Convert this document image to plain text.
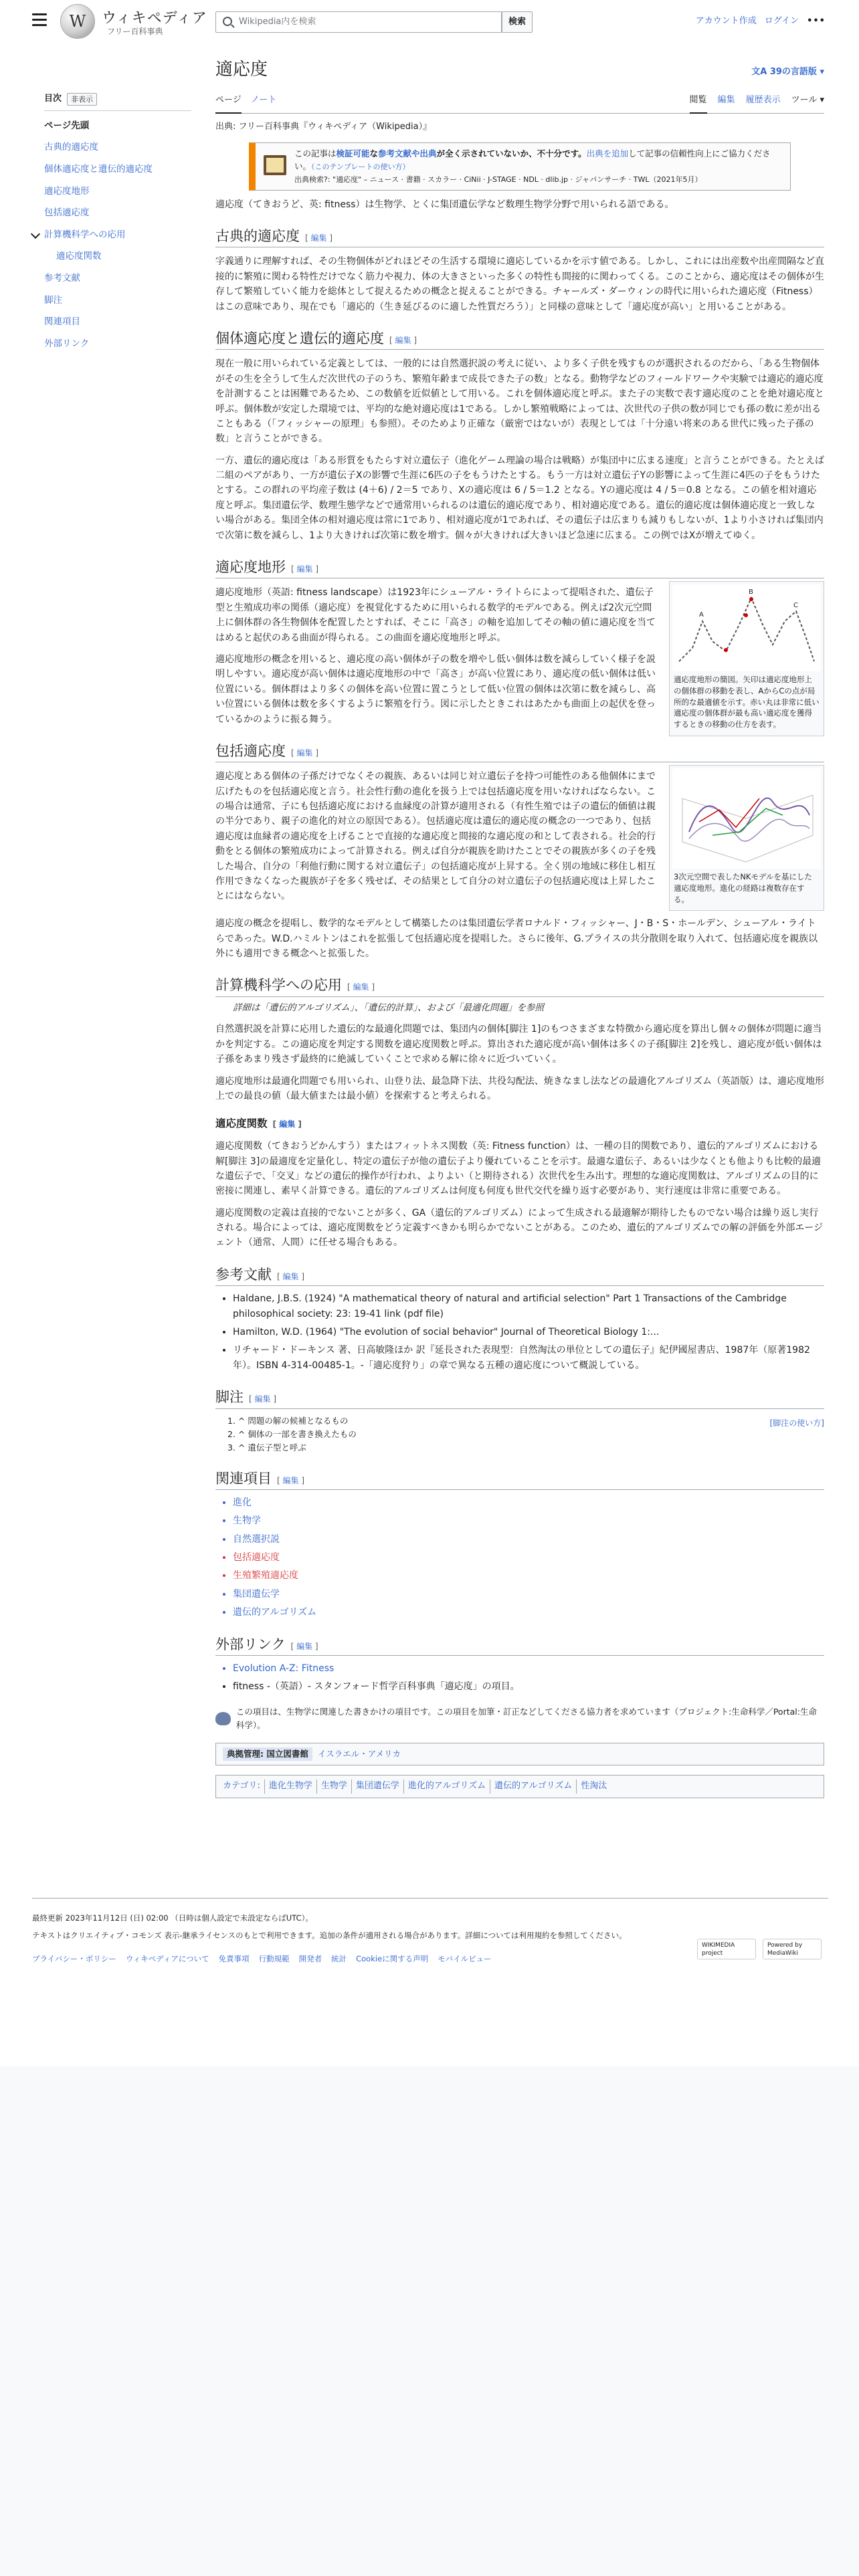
W	ウィキペディア
フリー百科事典
Wikipedia内を検索	検索	アカウント作成 ログイン •••
目次	非表示
ページ先頭
古典的適応度
個体適応度と遺伝的適応度
適応度地形
包括適応度
計算機科学への応用
適応度関数
参考文献
脚注
関連項目
外部リンク
適応度	文A 39の言語版 ▾
ページ ノート	閲覧 編集 履歴表示 ツール ▾
出典: フリー百科事典『ウィキペディア（Wikipedia）』
この記事は検証可能な参考文献や出典が全く示されていないか、不十分です。出典を追加して記事の信頼性向上にご協力ください。（このテンプレートの使い方）
出典検索?: "適応度" – ニュース · 書籍 · スカラー · CiNii · J-STAGE · NDL · dlib.jp · ジャパンサーチ · TWL（2021年5月）

適応度（てきおうど、英: fitness）は生物学、とくに集団遺伝学など数理生物学分野で用いられる語である。

古典的適応度 [ 編集 ]

字義通りに理解すれば、その生物個体がどれほどその生活する環境に適応しているかを示す値である。しかし、これには出産数や出産間隔など直接的に繁殖に関わる特性だけでなく筋力や視力、体の大きさといった多くの特性も間接的に関わってくる。このことから、適応度はその個体が生存して繁殖していく能力を総体として捉えるための概念と捉えることができる。チャールズ・ダーウィンの時代に用いられた適応度（Fitness）はこの意味であり、現在でも「適応的（生き延びるのに適した性質だろう）」と同様の意味として「適応度が高い」と用いることがある。

個体適応度と遺伝的適応度 [ 編集 ]

現在一般に用いられている定義としては、一般的には自然選択説の考えに従い、より多く子供を残すものが選択されるのだから、「ある生物個体がその生を全うして生んだ次世代の子のうち、繁殖年齢まで成長できた子の数」となる。動物学などのフィールドワークや実験では適応的適応度を計測することは困難であるため、この数値を近似値として用いる。これを個体適応度と呼ぶ。また子の実数で表す適応度のことを絶対適応度と呼ぶ。個体数が安定した環境では、平均的な絶対適応度は1である。しかし繁殖戦略によっては、次世代の子供の数が同じでも孫の数に差が出ることもある（「フィッシャーの原理」も参照）。そのためより正確な（厳密ではないが）表現としては「十分遠い将来のある世代に残った子孫の数」と言うことができる。

一方、遺伝的適応度は「ある形質をもたらす対立遺伝子（進化ゲーム理論の場合は戦略）が集団中に広まる速度」と言うことができる。たとえば二組のペアがあり、一方が遺伝子Xの影響で生涯に6匹の子をもうけたとする。もう一方は対立遺伝子Yの影響によって生涯に4匹の子をもうけたとする。この群れの平均産子数は (4＋6) / 2＝5 であり、Xの適応度は 6 / 5＝1.2 となる。Yの適応度は 4 / 5＝0.8 となる。この値を相対適応度と呼ぶ。集団遺伝学、数理生態学などで通常用いられるのは遺伝的適応度であり、相対適応度である。遺伝的適応度は個体適応度と一致しない場合がある。集団全体の相対適応度は常に1であり、相対適応度が1であれば、その遺伝子は広まりも減りもしないが、1より小さければ集団内で次第に数を減らし、1より大きければ次第に数を増す。個々が大きければ大きいほど急速に広まる。この例ではXが増えてゆく。

適応度地形 [ 編集 ]
A
B
C
適応度地形の簡図。矢印は適応度地形上の個体群の移動を表し、AからCの点が局所的な最適値を示す。赤い丸は非常に低い適応度の個体群が最も高い適応度を獲得するときの移動の仕方を表す。

適応度地形（英語: fitness landscape）は1923年にシューアル・ライトらによって提唱された、遺伝子型と生殖成功率の関係（適応度）を視覚化するために用いられる数学的モデルである。例えば2次元空間上に個体群の各生物個体を配置したとすれば、そこに「高さ」の軸を追加してその軸の値に適応度を当てはめると起伏のある曲面が得られる。この曲面を適応度地形と呼ぶ。

適応度地形の概念を用いると、適応度の高い個体が子の数を増やし低い個体は数を減らしていく様子を説明しやすい。適応度が高い個体は適応度地形の中で「高さ」が高い位置にあり、適応度の低い個体は低い位置にいる。個体群はより多くの個体を高い位置に置こうとして低い位置の個体は次第に数を減らし、高い位置にいる個体は数を多くするように繁殖を行う。図に示したときこれはあたかも曲面上の起伏を登っているかのように振る舞う。

包括適応度 [ 編集 ]
3次元空間で表したNKモデルを基にした適応度地形。進化の経路は複数存在する。

適応度とある個体の子孫だけでなくその親族、あるいは同じ対立遺伝子を持つ可能性のある他個体にまで広げたものを包括適応度と言う。社会性行動の進化を扱う上では包括適応度を用いなければならない。この場合は通常、子にも包括適応度における血縁度の計算が適用される（有性生殖では子の遺伝的価値は親の半分であり、親子の進化的対立の原因である）。包括適応度は遺伝的適応度の概念の一つであり、包括適応度は血縁者の適応度を上げることで直接的な適応度と間接的な適応度の和として表される。社会的行動をとる個体の繁殖成功によって計算される。例えば自分が親族を助けたことでその親族が多くの子を残した場合、自分の「利他行動に関する対立遺伝子」の包括適応度が上昇する。全く別の地域に移住し相互作用できなくなった親族が子を多く残せば、その結果として自分の対立遺伝子の包括適応度は上昇したことにはならない。

適応度の概念を提唱し、数学的なモデルとして構築したのは集団遺伝学者ロナルド・フィッシャー、J・B・S・ホールデン、シューアル・ライトらであった。W.D.ハミルトンはこれを拡張して包括適応度を提唱した。さらに後年、G.プライスの共分散則を取り入れて、包括適応度を親族以外にも適用できる概念へと拡張した。

計算機科学への応用 [ 編集 ]
詳細は「遺伝的アルゴリズム」、「遺伝的計算」、および「最適化問題」を参照

自然選択説を計算に応用した遺伝的な最適化問題では、集団内の個体[脚注 1]のもつさまざまな特徴から適応度を算出し個々の個体が問題に適当かを判定する。この適応度を判定する関数を適応度関数と呼ぶ。算出された適応度が高い個体は多くの子孫[脚注 2]を残し、適応度が低い個体は子孫をあまり残さず最終的に絶滅していくことで求める解に徐々に近づいていく。

適応度地形は最適化問題でも用いられ、山登り法、最急降下法、共役勾配法、焼きなまし法などの最適化アルゴリズム（英語版）は、適応度地形上での最良の値（最大値または最小値）を探索すると考えられる。

適応度関数 [ 編集 ]

適応度関数（てきおうどかんすう）またはフィットネス関数（英: Fitness function）は、一種の目的関数であり、遺伝的アルゴリズムにおける解[脚注 3]の最適度を定量化し、特定の遺伝子が他の遺伝子より優れていることを示す。最適な遺伝子、あるいは少なくとも他よりも比較的最適な遺伝子で、「交叉」などの遺伝的操作が行われ、よりよい（と期待される）次世代を生み出す。理想的な適応度関数は、アルゴリズムの目的に密接に関連し、素早く計算できる。遺伝的アルゴリズムは何度も何度も世代交代を繰り返す必要があり、実行速度は非常に重要である。

適応度関数の定義は直接的でないことが多く、GA（遺伝的アルゴリズム）によって生成される最適解が期待したものでない場合は繰り返し実行される。場合によっては、適応度関数をどう定義すべきかも明らかでないことがある。このため、遺伝的アルゴリズムでの解の評価を外部エージェント（通常、人間）に任せる場合もある。

参考文献 [ 編集 ]
• Haldane, J.B.S. (1924) "A mathematical theory of natural and artificial selection" Part 1 Transactions of the Cambridge philosophical society: 23: 19-41 link (pdf file)
• Hamilton, W.D. (1964) "The evolution of social behavior" Journal of Theoretical Biology 1:...
• リチャード・ドーキンス 著、日高敏隆ほか 訳『延長された表現型：自然淘汰の単位としての遺伝子』紀伊國屋書店、1987年（原著1982年）。ISBN 4-314-00485-1。-「適応度狩り」の章で異なる五種の適応度について概説している。
脚注 [ 編集 ]
[脚注の使い方]
1. ^ 問題の解の候補となるもの
2. ^ 個体の一部を書き換えたもの
3. ^ 遺伝子型と呼ぶ
関連項目 [ 編集 ]
• 進化
• 生物学
• 自然選択説
• 包括適応度
• 生殖繁殖適応度
• 集団遺伝学
• 遺伝的アルゴリズム
外部リンク [ 編集 ]
• Evolution A-Z: Fitness
• fitness -（英語）- スタンフォード哲学百科事典「適応度」の項目。
この項目は、生物学に関連した書きかけの項目です。この項目を加筆・訂正などしてくださる協力者を求めています（プロジェクト:生命科学／Portal:生命科学）。
典拠管理: 国立図書館	イスラエル・アメリカ
カテゴリ:	進化生物学	生物学	集団遺伝学	進化的アルゴリズム	遺伝的アルゴリズム	性淘汰

最終更新 2023年11月12日 (日) 02:00 （日時は個人設定で未設定ならばUTC）。

テキストはクリエイティブ・コモンズ 表示-継承ライセンスのもとで利用できます。追加の条件が適用される場合があります。詳細については利用規約を参照してください。

プライバシー・ポリシー ウィキペディアについて 免責事項 行動規範 開発者 統計 Cookieに関する声明 モバイルビュー
WIKIMEDIA project
Powered by MediaWiki
